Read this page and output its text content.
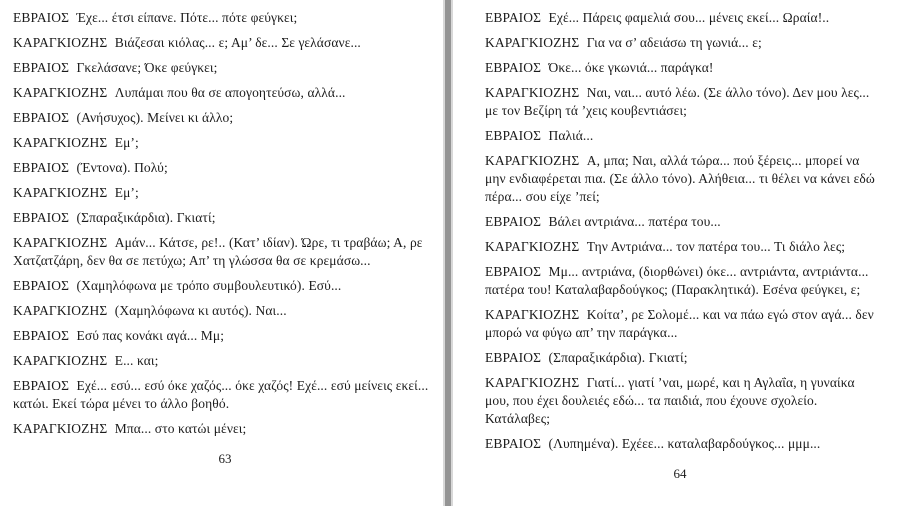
ΕΒΡΑΙΟΣ Έχε... έτσι είπανε. Πότε... πότε φεύγκει;

ΚΑΡΑΓΚΙΟΖΗΣ Βιάζεσαι κιόλας... ε; Αμ’ δε... Σε γελάσανε...

ΕΒΡΑΙΟΣ Γκελάσανε; Όκε φεύγκει;

ΚΑΡΑΓΚΙΟΖΗΣ Λυπάμαι που θα σε απογοητεύσω, αλλά...

ΕΒΡΑΙΟΣ (Ανήσυχος). Μείνει κι άλλο;

ΚΑΡΑΓΚΙΟΖΗΣ Εμ’;

ΕΒΡΑΙΟΣ (Έντονα). Πολύ;

ΚΑΡΑΓΚΙΟΖΗΣ Εμ’;

ΕΒΡΑΙΟΣ (Σπαραξικάρδια). Γκιατί;

ΚΑΡΑΓΚΙΟΖΗΣ Αμάν... Κάτσε, ρε!.. (Κατ’ ιδίαν). Ώρε, τι τραβάω; Α, ρε Χατζατζάρη, δεν θα σε πετύχω; Απ’ τη γλώσσα θα σε κρεμάσω...

ΕΒΡΑΙΟΣ (Χαμηλόφωνα με τρόπο συμβουλευτικό). Εσύ...

ΚΑΡΑΓΚΙΟΖΗΣ (Χαμηλόφωνα κι αυτός). Ναι...

ΕΒΡΑΙΟΣ Εσύ πας κονάκι αγά... Μμ;

ΚΑΡΑΓΚΙΟΖΗΣ Ε... και;

ΕΒΡΑΙΟΣ Εχέ... εσύ... εσύ όκε χαζός... όκε χαζός! Εχέ... εσύ μείνεις εκεί... κατώι. Εκεί τώρα μένει το άλλο βοηθό.

ΚΑΡΑΓΚΙΟΖΗΣ Μπα... στο κατώι μένει;

63

ΕΒΡΑΙΟΣ Εχέ... Πάρεις φαμελιά σου... μένεις εκεί... Ωραία!..

ΚΑΡΑΓΚΙΟΖΗΣ Για να σ’ αδειάσω τη γωνιά... ε;

ΕΒΡΑΙΟΣ Όκε... όκε γκωνιά... παράγκα!

ΚΑΡΑΓΚΙΟΖΗΣ Ναι, ναι... αυτό λέω. (Σε άλλο τόνο). Δεν μου λες... με τον Βεζίρη τά ’χεις κουβεντιάσει;

ΕΒΡΑΙΟΣ Παλιά...

ΚΑΡΑΓΚΙΟΖΗΣ Α, μπα; Ναι, αλλά τώρα... πού ξέρεις... μπορεί να μην ενδιαφέρεται πια. (Σε άλλο τόνο). Αλήθεια... τι θέλει να κάνει εδώ πέρα... σου είχε ’πεί;

ΕΒΡΑΙΟΣ Βάλει αντριάνα... πατέρα του...

ΚΑΡΑΓΚΙΟΖΗΣ Την Αντριάνα... τον πατέρα του... Τι διάλο λες;

ΕΒΡΑΙΟΣ Μμ... αντριάνα, (διορθώνει) όκε... αντριάντα, αντριάντα... πατέρα του! Καταλαβαρδούγκος; (Παρακλητικά). Εσένα φεύγκει, ε;

ΚΑΡΑΓΚΙΟΖΗΣ Κοίτα’, ρε Σολομέ... και να πάω εγώ στον αγά... δεν μπορώ να φύγω απ’ την παράγκα...

ΕΒΡΑΙΟΣ (Σπαραξικάρδια). Γκιατί;

ΚΑΡΑΓΚΙΟΖΗΣ Γιατί... γιατί ’ναι, μωρέ, και η Αγλαΐα, η γυναίκα μου, που έχει δουλειές εδώ... τα παιδιά, που έχουνε σχολείο. Κατάλαβες;

ΕΒΡΑΙΟΣ (Λυπημένα). Εχέεε... καταλαβαρδούγκος... μμμ...

64
